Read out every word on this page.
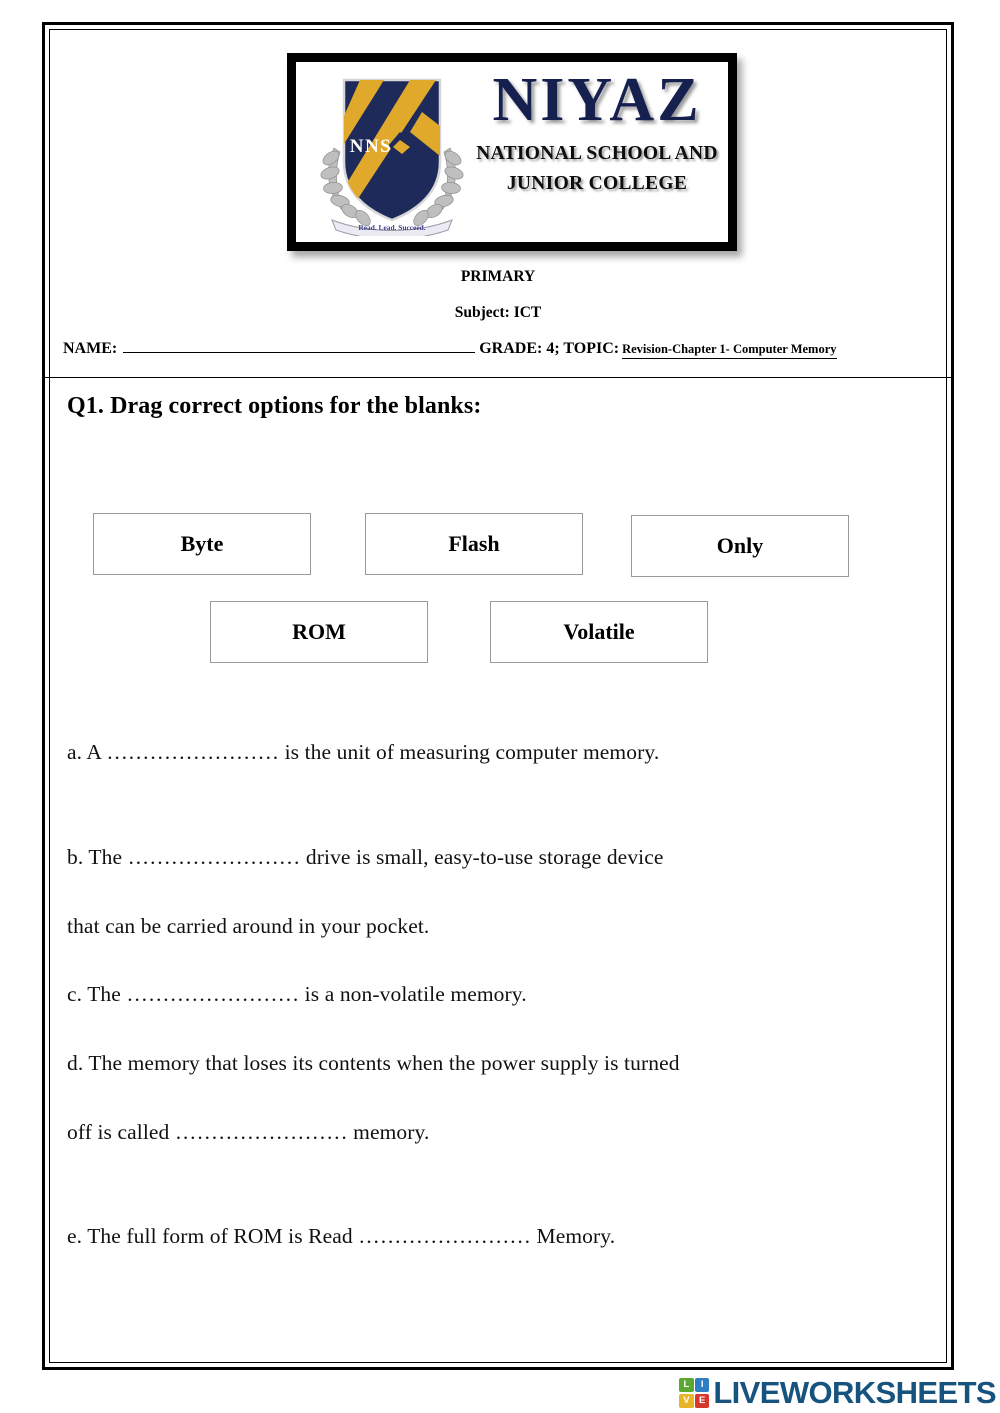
NNS
Read. Lead. Succeed.
NIYAZ
NATIONAL SCHOOL AND
JUNIOR COLLEGE
PRIMARY
Subject: ICT
NAME:	GRADE: 4; TOPIC: Revision-Chapter 1- Computer Memory
Q1. Drag correct options for the blanks:
Byte	Flash	Only
ROM	Volatile
a. A …………………… is the unit of measuring computer memory.
b. The …………………… drive is small, easy-to-use storage device
that can be carried around in your pocket.
c. The …………………… is a non-volatile memory.
d. The memory that loses its contents when the power supply is turned
off is called …………………… memory.
e. The full form of ROM is Read …………………… Memory.
L	I
V E LIVEWORKSHEETS
